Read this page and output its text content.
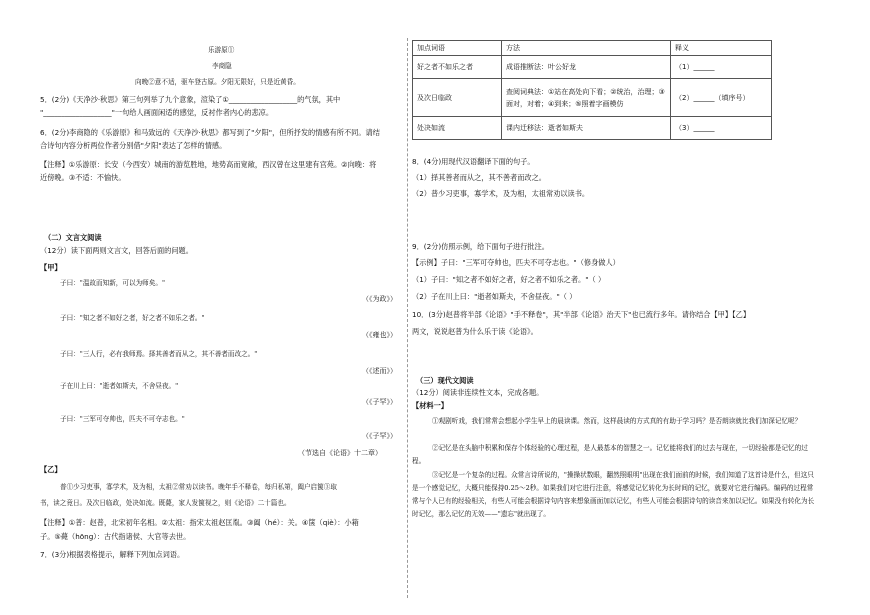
乐游原①
李商隐
向晚②意不适，驱车登古原。夕阳无限好，只是近黄昏。
5．(2分)《天净沙·秋思》第三句列举了九个意象，渲染了①___________________的气氛，其中
"___________________"一句给人画面闲适的感觉，反衬作者内心的悲凉。
6．(2分)李商隐的《乐游原》和马致远的《天净沙·秋思》都写到了"夕阳"，但所抒发的情感有所不同。请结
合诗句内容分析两位作者分别借"夕阳"表达了怎样的情感。
【注释】①乐游原：长安（今西安）城南的游览胜地，地势高而宽敞，西汉曾在这里建有宫苑。②向晚：将
近傍晚。③不适：不愉快。
（二）文言文阅读
（12分）读下面两则文言文，回答后面的问题。
【甲】
子曰："温故而知新，可以为师矣。"
（《为政》）
子曰："知之者不如好之者，好之者不如乐之者。"
（《雍也》）
子曰："三人行，必有我师焉。择其善者而从之，其不善者而改之。"
（《述而》）
子在川上曰："逝者如斯夫，不舍昼夜。"
（《子罕》）
子曰："三军可夺帅也，匹夫不可夺志也。"
（《子罕》）
（节选自《论语》十二章）
【乙】
普①少习吏事，寡学术，及为相，太祖②常劝以读书。晚年手不释卷，每归私第，阖户启箧③取
书，读之竟日。及次日临政，处决如流。既薨，家人发箧视之，则《论语》二十篇也。
【注释】①普：赵普，北宋初年名相。②太祖：指宋太祖赵匡胤。③阖（hé）：关。④箧（qiè）：小箱
子。⑤薨（hōng）：古代指诸侯、大官等去世。
7．(3分)根据表格提示，解释下列加点词语。
加点词语	方法	释义
好之者不如乐之者	成语推断法：叶公好龙	（1）______
及次日临政	查阅词典法：①站在高处向下看；②统治，治理；③面对，对着；④到来；⑤照着字画模仿	（2）______（填序号）
处决如流	课内迁移法：逝者如斯夫	（3）______
8．(4分)用现代汉语翻译下面的句子。
（1）择其善者而从之，其不善者而改之。
（2）普少习吏事，寡学术，及为相，太祖常劝以读书。
9．(2分)仿照示例，给下面句子进行批注。
【示例】子曰："三军可夺帅也，匹夫不可夺志也。"（修身做人）
（1）子曰："知之者不如好之者，好之者不如乐之者。"（ ）
（2）子在川上曰："逝者如斯夫，不舍昼夜。"（ ）
10．(3分)赵普将半部《论语》"手不释卷"，其"半部《论语》治天下"也已流行多年。请你结合【甲】【乙】
两文，说说赵普为什么乐于读《论语》。
（三）现代文阅读
（12分）阅读非连续性文本，完成各题。
【材料一】
①观剧听戏，我们常常会想起小学生早上的晨读课。然而，这样晨读的方式真的有助于学习吗？是否朗读就比我们加深记忆呢？
②记忆是在头脑中积累和保存个体经验的心理过程，是人最基本的智慧之一。记忆能将我们的过去与现在，一切经验都是记忆的过程。
③记忆是一个复杂的过程。众常言诗所说的，"操操状数眼，翻然照眼明"出现在我们面前的时候，我们知道了这首诗是什么，但这只是一个感觉记忆，大概只能保持0.25～2秒。如果我们对它进行注意，将感觉记忆转化为长时间的记忆，就要对它进行编码。编码的过程常常与个人已有的经验相关，有些人可能会根据诗句内容来想象画面加以记忆，有些人可能会根据诗句的读音来加以记忆。如果没有转化为长时记忆，那么记忆的无效——"遗忘"就出现了。
